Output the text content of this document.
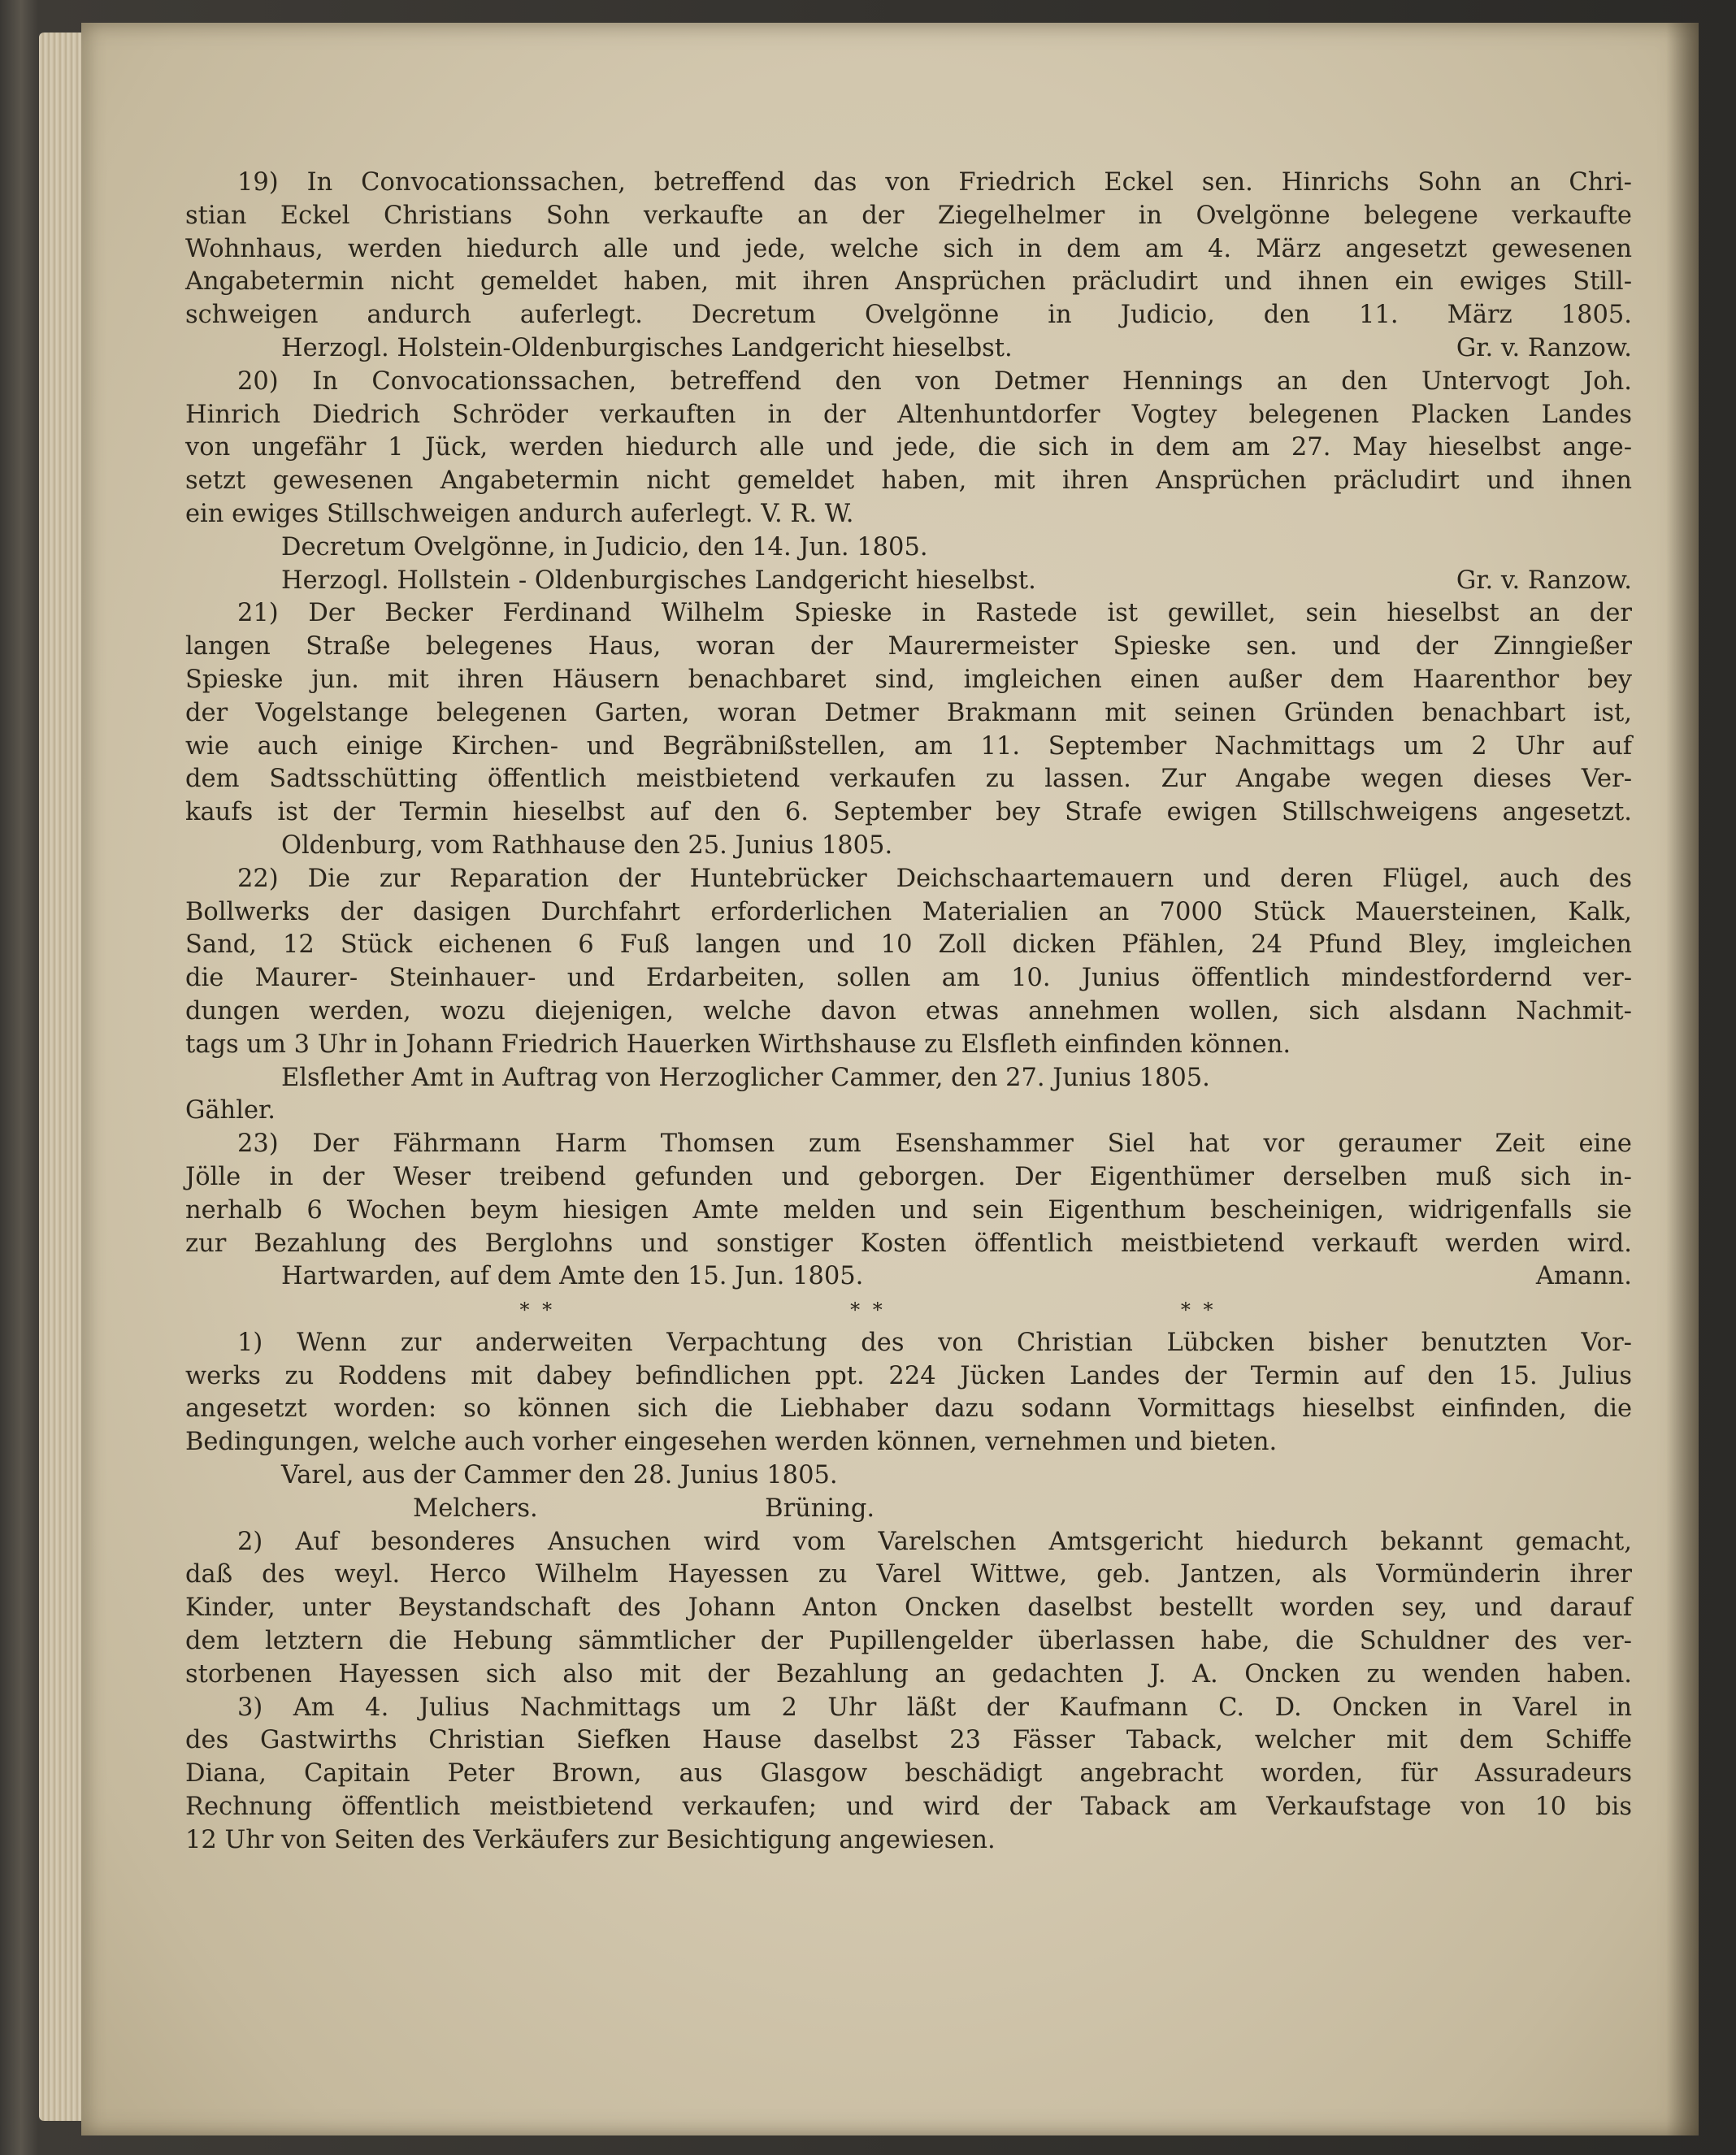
19) In Convocationssachen, betreffend das von Friedrich Eckel sen. Hinrichs Sohn an Chri-
stian Eckel Christians Sohn verkaufte an der Ziegelhelmer in Ovelgönne belegene verkaufte
Wohnhaus, werden hiedurch alle und jede, welche sich in dem am 4. März angesetzt gewesenen
Angabetermin nicht gemeldet haben, mit ihren Ansprüchen präcludirt und ihnen ein ewiges Still-
schweigen andurch auferlegt. Decretum Ovelgönne in Judicio, den 11. März 1805.
Herzogl. Holstein-Oldenburgisches Landgericht hieselbst.	Gr. v. Ranzow.

20) In Convocationssachen, betreffend den von Detmer Hennings an den Untervogt Joh.
Hinrich Diedrich Schröder verkauften in der Altenhuntdorfer Vogtey belegenen Placken Landes
von ungefähr 1 Jück, werden hiedurch alle und jede, die sich in dem am 27. May hieselbst ange-
setzt gewesenen Angabetermin nicht gemeldet haben, mit ihren Ansprüchen präcludirt und ihnen
ein ewiges Stillschweigen andurch auferlegt. V. R. W.
Decretum Ovelgönne, in Judicio, den 14. Jun. 1805.
Herzogl. Hollstein - Oldenburgisches Landgericht hieselbst.	Gr. v. Ranzow.

21) Der Becker Ferdinand Wilhelm Spieske in Rastede ist gewillet, sein hieselbst an der
langen Straße belegenes Haus, woran der Maurermeister Spieske sen. und der Zinngießer
Spieske jun. mit ihren Häusern benachbaret sind, imgleichen einen außer dem Haarenthor bey
der Vogelstange belegenen Garten, woran Detmer Brakmann mit seinen Gründen benachbart ist,
wie auch einige Kirchen- und Begräbnißstellen, am 11. September Nachmittags um 2 Uhr auf
dem Sadtsschütting öffentlich meistbietend verkaufen zu lassen. Zur Angabe wegen dieses Ver-
kaufs ist der Termin hieselbst auf den 6. September bey Strafe ewigen Stillschweigens angesetzt.
Oldenburg, vom Rathhause den 25. Junius 1805.

22) Die zur Reparation der Huntebrücker Deichschaartemauern und deren Flügel, auch des
Bollwerks der dasigen Durchfahrt erforderlichen Materialien an 7000 Stück Mauersteinen, Kalk,
Sand, 12 Stück eichenen 6 Fuß langen und 10 Zoll dicken Pfählen, 24 Pfund Bley, imgleichen
die Maurer- Steinhauer- und Erdarbeiten, sollen am 10. Junius öffentlich mindestfordernd ver-
dungen werden, wozu diejenigen, welche davon etwas annehmen wollen, sich alsdann Nachmit-
tags um 3 Uhr in Johann Friedrich Hauerken Wirthshause zu Elsfleth einfinden können.
Elsflether Amt in Auftrag von Herzoglicher Cammer, den 27. Junius 1805.
Gähler.

23) Der Fährmann Harm Thomsen zum Esenshammer Siel hat vor geraumer Zeit eine
Jölle in der Weser treibend gefunden und geborgen. Der Eigenthümer derselben muß sich in-
nerhalb 6 Wochen beym hiesigen Amte melden und sein Eigenthum bescheinigen, widrigenfalls sie
zur Bezahlung des Berglohns und sonstiger Kosten öffentlich meistbietend verkauft werden wird.
Hartwarden, auf dem Amte den 15. Jun. 1805.	Amann.

* *	* *	* *

1) Wenn zur anderweiten Verpachtung des von Christian Lübcken bisher benutzten Vor-
werks zu Roddens mit dabey befindlichen ppt. 224 Jücken Landes der Termin auf den 15. Julius
angesetzt worden: so können sich die Liebhaber dazu sodann Vormittags hieselbst einfinden, die
Bedingungen, welche auch vorher eingesehen werden können, vernehmen und bieten.
Varel, aus der Cammer den 28. Junius 1805.
Melchers.	Brüning.

2) Auf besonderes Ansuchen wird vom Varelschen Amtsgericht hiedurch bekannt gemacht,
daß des weyl. Herco Wilhelm Hayessen zu Varel Wittwe, geb. Jantzen, als Vormünderin ihrer
Kinder, unter Beystandschaft des Johann Anton Oncken daselbst bestellt worden sey, und darauf
dem letztern die Hebung sämmtlicher der Pupillengelder überlassen habe, die Schuldner des ver-
storbenen Hayessen sich also mit der Bezahlung an gedachten J. A. Oncken zu wenden haben.

3) Am 4. Julius Nachmittags um 2 Uhr läßt der Kaufmann C. D. Oncken in Varel in
des Gastwirths Christian Siefken Hause daselbst 23 Fässer Taback, welcher mit dem Schiffe
Diana, Capitain Peter Brown, aus Glasgow beschädigt angebracht worden, für Assuradeurs
Rechnung öffentlich meistbietend verkaufen; und wird der Taback am Verkaufstage von 10 bis
12 Uhr von Seiten des Verkäufers zur Besichtigung angewiesen.
